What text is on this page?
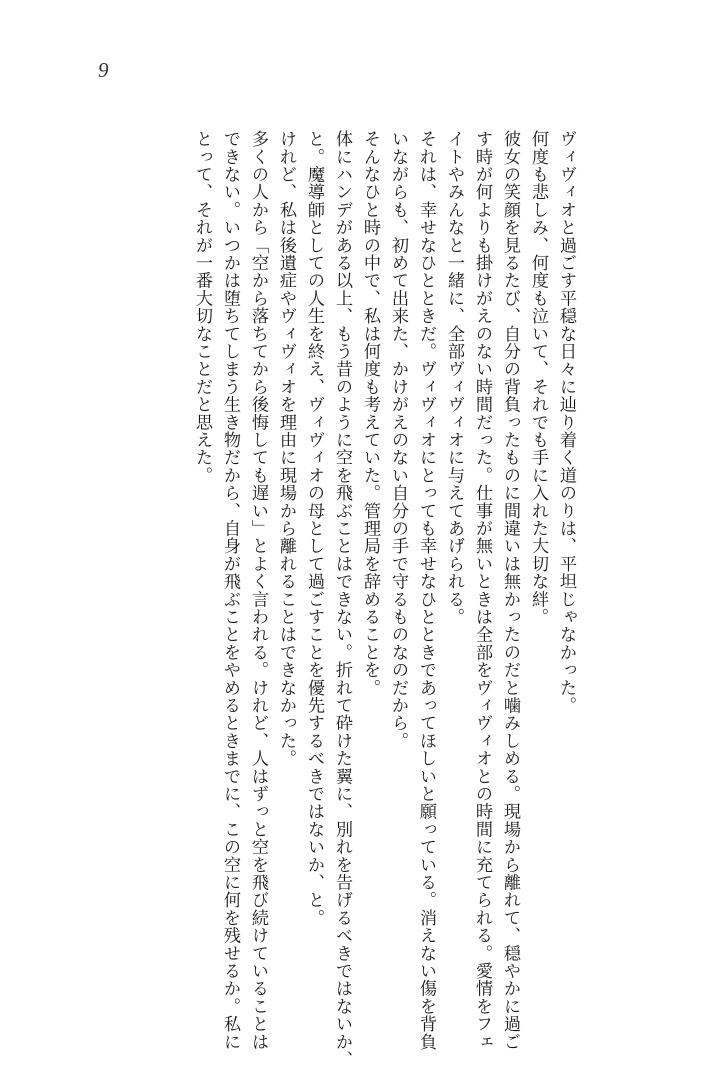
9
ヴィヴィオと過ごす平穏な日々に辿り着く道のりは、平坦じゃなかった。
何度も悲しみ、何度も泣いて、それでも手に入れた大切な絆。
彼女の笑顔を見るたび、自分の背負ったものに間違いは無かったのだと噛みしめる。現場から離れて、穏やかに過ご
す時が何よりも掛けがえのない時間だった。仕事が無いときは全部をヴィヴィオとの時間に充てられる。愛情をフェ
イトやみんなと一緒に、全部ヴィヴィオに与えてあげられる。
それは、幸せなひとときだ。ヴィヴィオにとっても幸せなひとときであってほしいと願っている。消えない傷を背負
いながらも、初めて出来た、かけがえのない自分の手で守るものなのだから。
そんなひと時の中で、私は何度も考えていた。管理局を辞めることを。
体にハンデがある以上、もう昔のように空を飛ぶことはできない。折れて砕けた翼に、別れを告げるべきではないか、
と。魔導師としての人生を終え、ヴィヴィオの母として過ごすことを優先するべきではないか、と。
けれど、私は後遺症やヴィヴィオを理由に現場から離れることはできなかった。
多くの人から「空から落ちてから後悔しても遅い」とよく言われる。けれど、人はずっと空を飛び続けていることは
できない。いつかは堕ちてしまう生き物だから、自身が飛ぶことをやめるときまでに、この空に何を残せるか。私に
とって、それが一番大切なことだと思えた。
